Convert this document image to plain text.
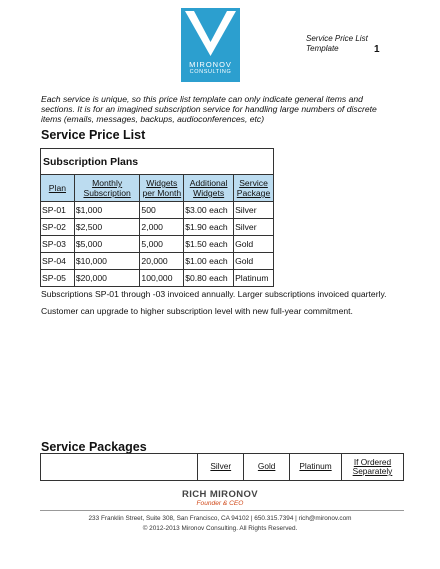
MIRONOV
CONSULTING
Service Price List Template	1
Each service is unique, so this price list template can only indicate general items and sections. It is for an imagined subscription service for handling large numbers of discrete items (emails, messages, backups, audioconferences, etc)
Service Price List
Subscription Plans				
Plan	Monthly Subscription	Widgets per Month	Additional Widgets	Service Package
SP-01	$1,000	500	$3.00 each	Silver
SP-02	$2,500	2,000	$1.90 each	Silver
SP-03	$5,000	5,000	$1.50 each	Gold
SP-04	$10,000	20,000	$1.00 each	Gold
SP-05	$20,000	100,000	$0.80 each	Platinum
Subscriptions SP-01 through -03 invoiced annually. Larger subscriptions invoiced quarterly.
Customer can upgrade to higher subscription level with new full-year commitment.
Service Packages
	Silver	Gold	Platinum	If Ordered Separately
RICH MIRONOV
Founder & CEO
233 Franklin Street, Suite 308, San Francisco, CA 94102 | 650.315.7394 | rich@mironov.com
© 2012-2013 Mironov Consulting. All Rights Reserved.
